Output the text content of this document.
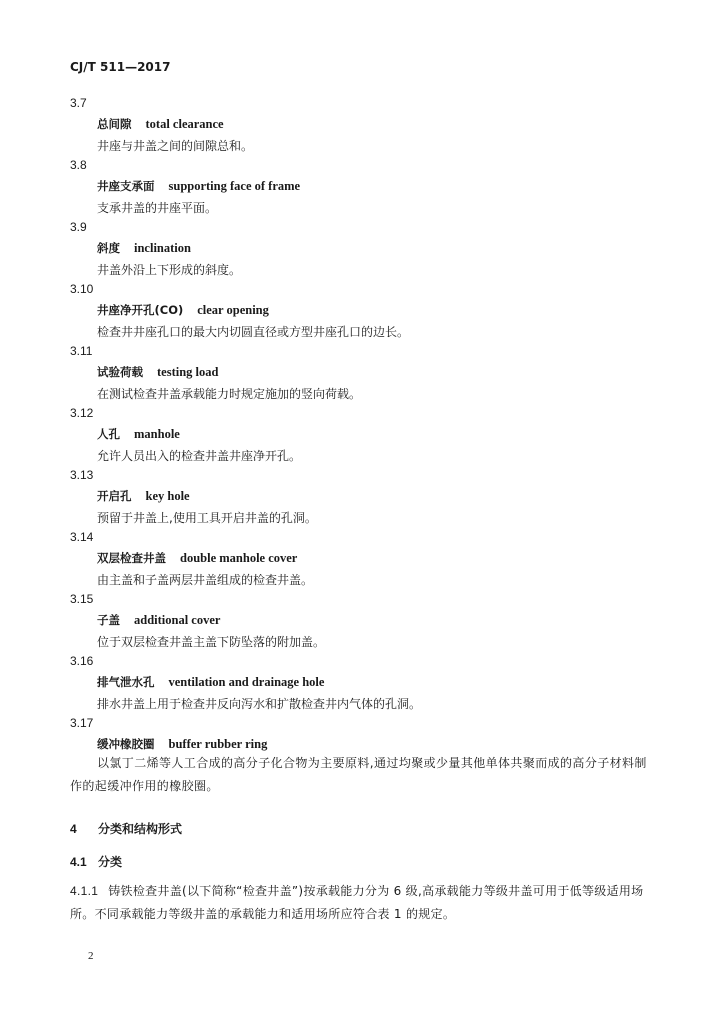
CJ/T 511—2017
3.7
总间隙 total clearance
井座与井盖之间的间隙总和。
3.8
井座支承面 supporting face of frame
支承井盖的井座平面。
3.9
斜度 inclination
井盖外沿上下形成的斜度。
3.10
井座净开孔(CO) clear opening
检查井井座孔口的最大内切圆直径或方型井座孔口的边长。
3.11
试验荷载 testing load
在测试检查井盖承载能力时规定施加的竖向荷载。
3.12
人孔 manhole
允许人员出入的检查井盖井座净开孔。
3.13
开启孔 key hole
预留于井盖上,使用工具开启井盖的孔洞。
3.14
双层检查井盖 double manhole cover
由主盖和子盖两层井盖组成的检查井盖。
3.15
子盖 additional cover
位于双层检查井盖主盖下防坠落的附加盖。
3.16
排气泄水孔 ventilation and drainage hole
排水井盖上用于检查井反向泻水和扩散检查井内气体的孔洞。
3.17
缓冲橡胶圈 buffer rubber ring
以氯丁二烯等人工合成的高分子化合物为主要原料,通过均聚或少量其他单体共聚而成的高分子材料制作的起缓冲作用的橡胶圈。
4 分类和结构形式
4.1 分类
4.1.1 铸铁检查井盖(以下简称“检查井盖”)按承载能力分为 6 级,高承载能力等级井盖可用于低等级适用场所。不同承载能力等级井盖的承载能力和适用场所应符合表 1 的规定。
2
